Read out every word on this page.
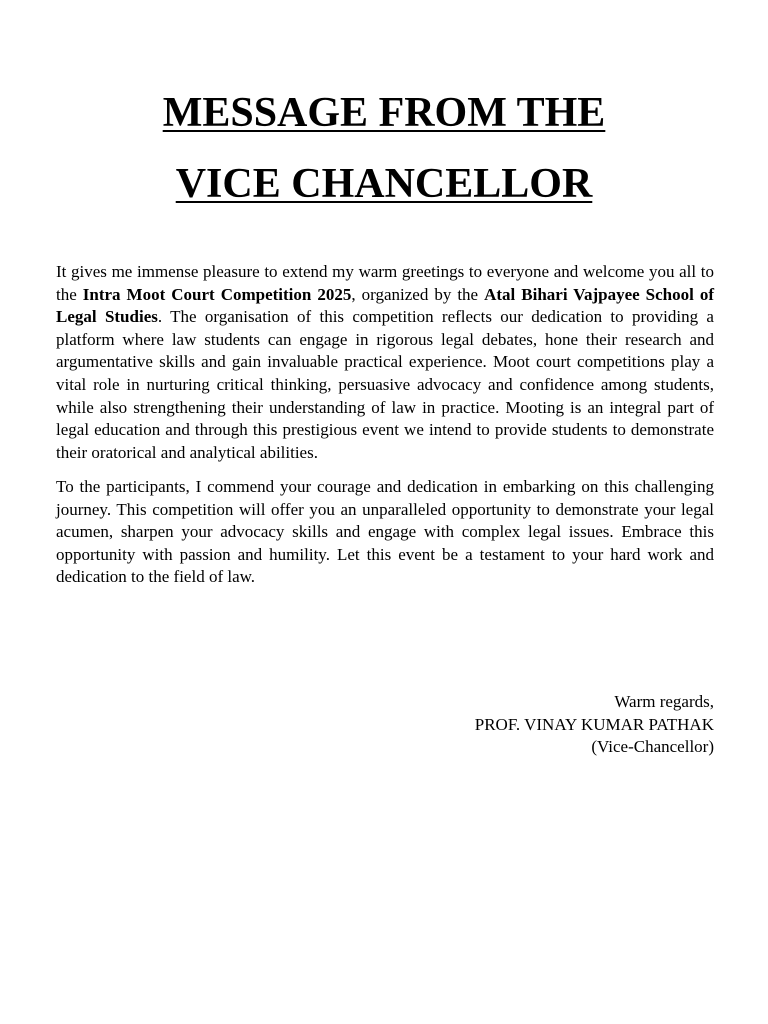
MESSAGE FROM THE
VICE CHANCELLOR

It gives me immense pleasure to extend my warm greetings to everyone and welcome you all to the Intra Moot Court Competition 2025, organized by the Atal Bihari Vajpayee School of Legal Studies. The organisation of this competition reflects our dedication to providing a platform where law students can engage in rigorous legal debates, hone their research and argumentative skills and gain invaluable practical experience. Moot court competitions play a vital role in nurturing critical thinking, persuasive advocacy and confidence among students, while also strengthening their understanding of law in practice. Mooting is an integral part of legal education and through this prestigious event we intend to provide students to demonstrate their oratorical and analytical abilities.

To the participants, I commend your courage and dedication in embarking on this challenging journey. This competition will offer you an unparalleled opportunity to demonstrate your legal acumen, sharpen your advocacy skills and engage with complex legal issues. Embrace this opportunity with passion and humility. Let this event be a testament to your hard work and dedication to the field of law.

Warm regards,
PROF. VINAY KUMAR PATHAK
(Vice-Chancellor)
